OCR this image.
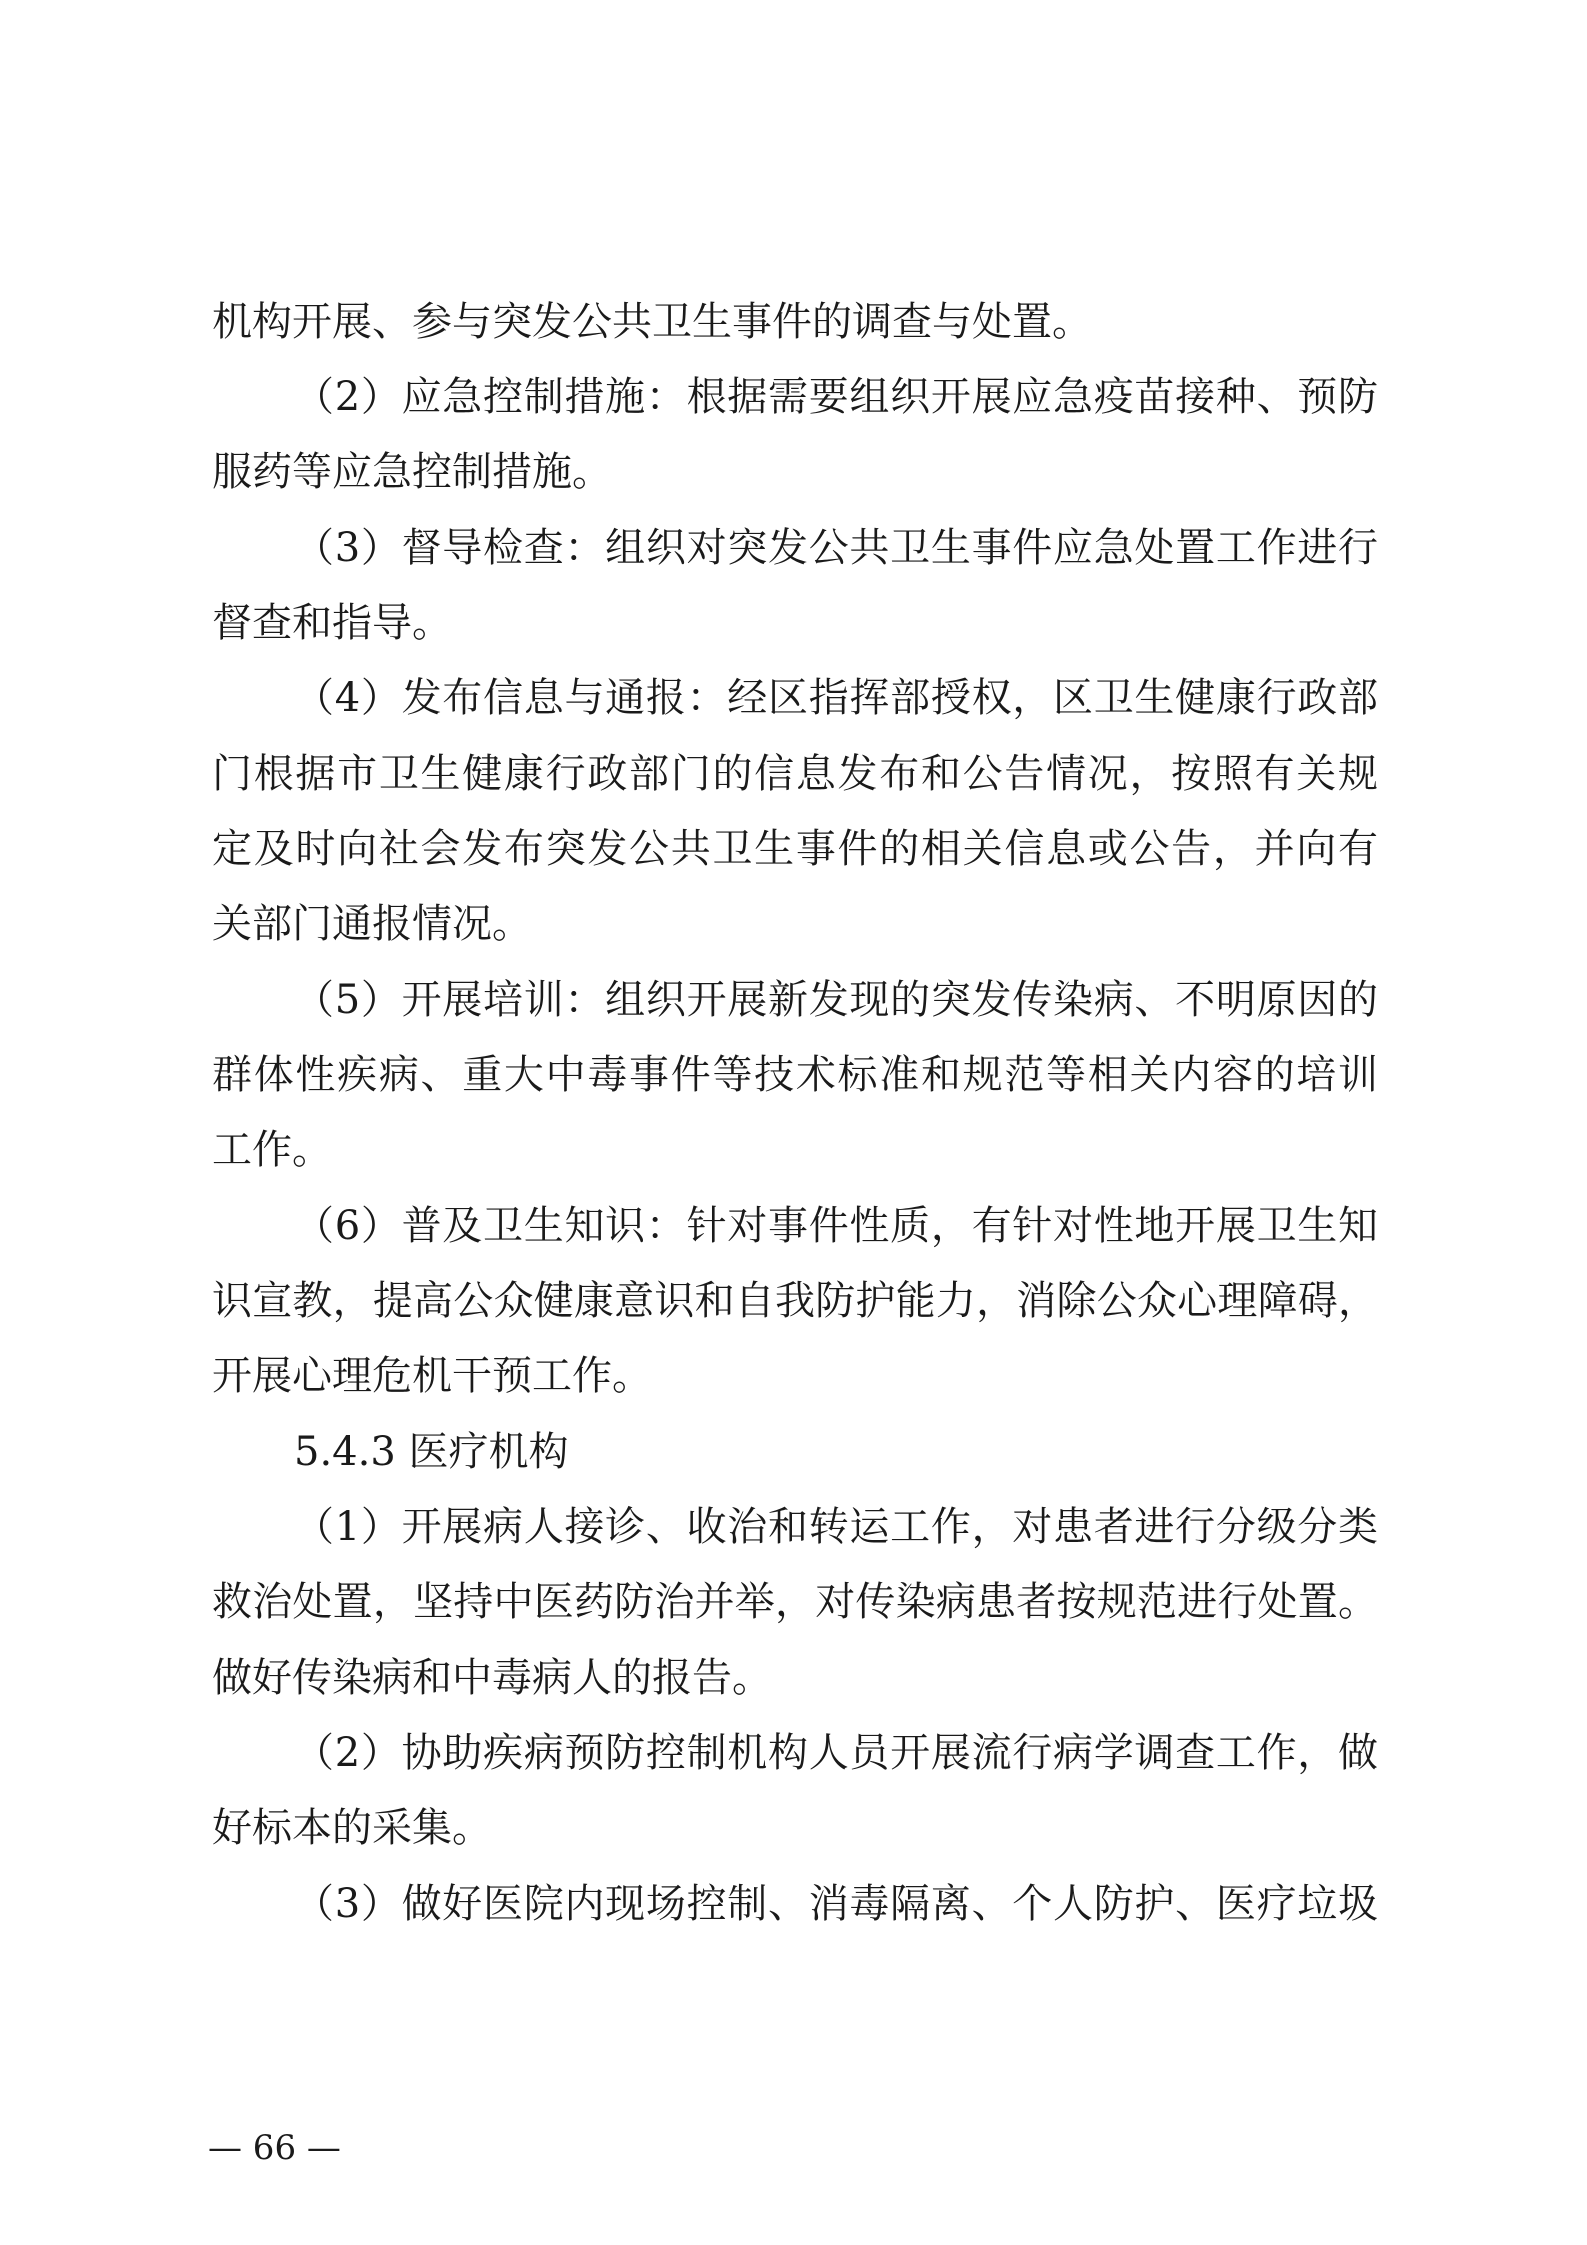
机构开展、参与突发公共卫生事件的调查与处置。
（2）应急控制措施：根据需要组织开展应急疫苗接种、预防
服药等应急控制措施。
（3）督导检查：组织对突发公共卫生事件应急处置工作进行
督查和指导。
（4）发布信息与通报：经区指挥部授权，区卫生健康行政部
门根据市卫生健康行政部门的信息发布和公告情况，按照有关规
定及时向社会发布突发公共卫生事件的相关信息或公告，并向有
关部门通报情况。
（5）开展培训：组织开展新发现的突发传染病、不明原因的
群体性疾病、重大中毒事件等技术标准和规范等相关内容的培训
工作。
（6）普及卫生知识：针对事件性质，有针对性地开展卫生知
识宣教，提高公众健康意识和自我防护能力，消除公众心理障碍，
开展心理危机干预工作。
5.4.3 医疗机构
（1）开展病人接诊、收治和转运工作，对患者进行分级分类
救治处置，坚持中医药防治并举，对传染病患者按规范进行处置。
做好传染病和中毒病人的报告。
（2）协助疾病预防控制机构人员开展流行病学调查工作，做
好标本的采集。
（3）做好医院内现场控制、消毒隔离、个人防护、医疗垃圾
— 66 —
